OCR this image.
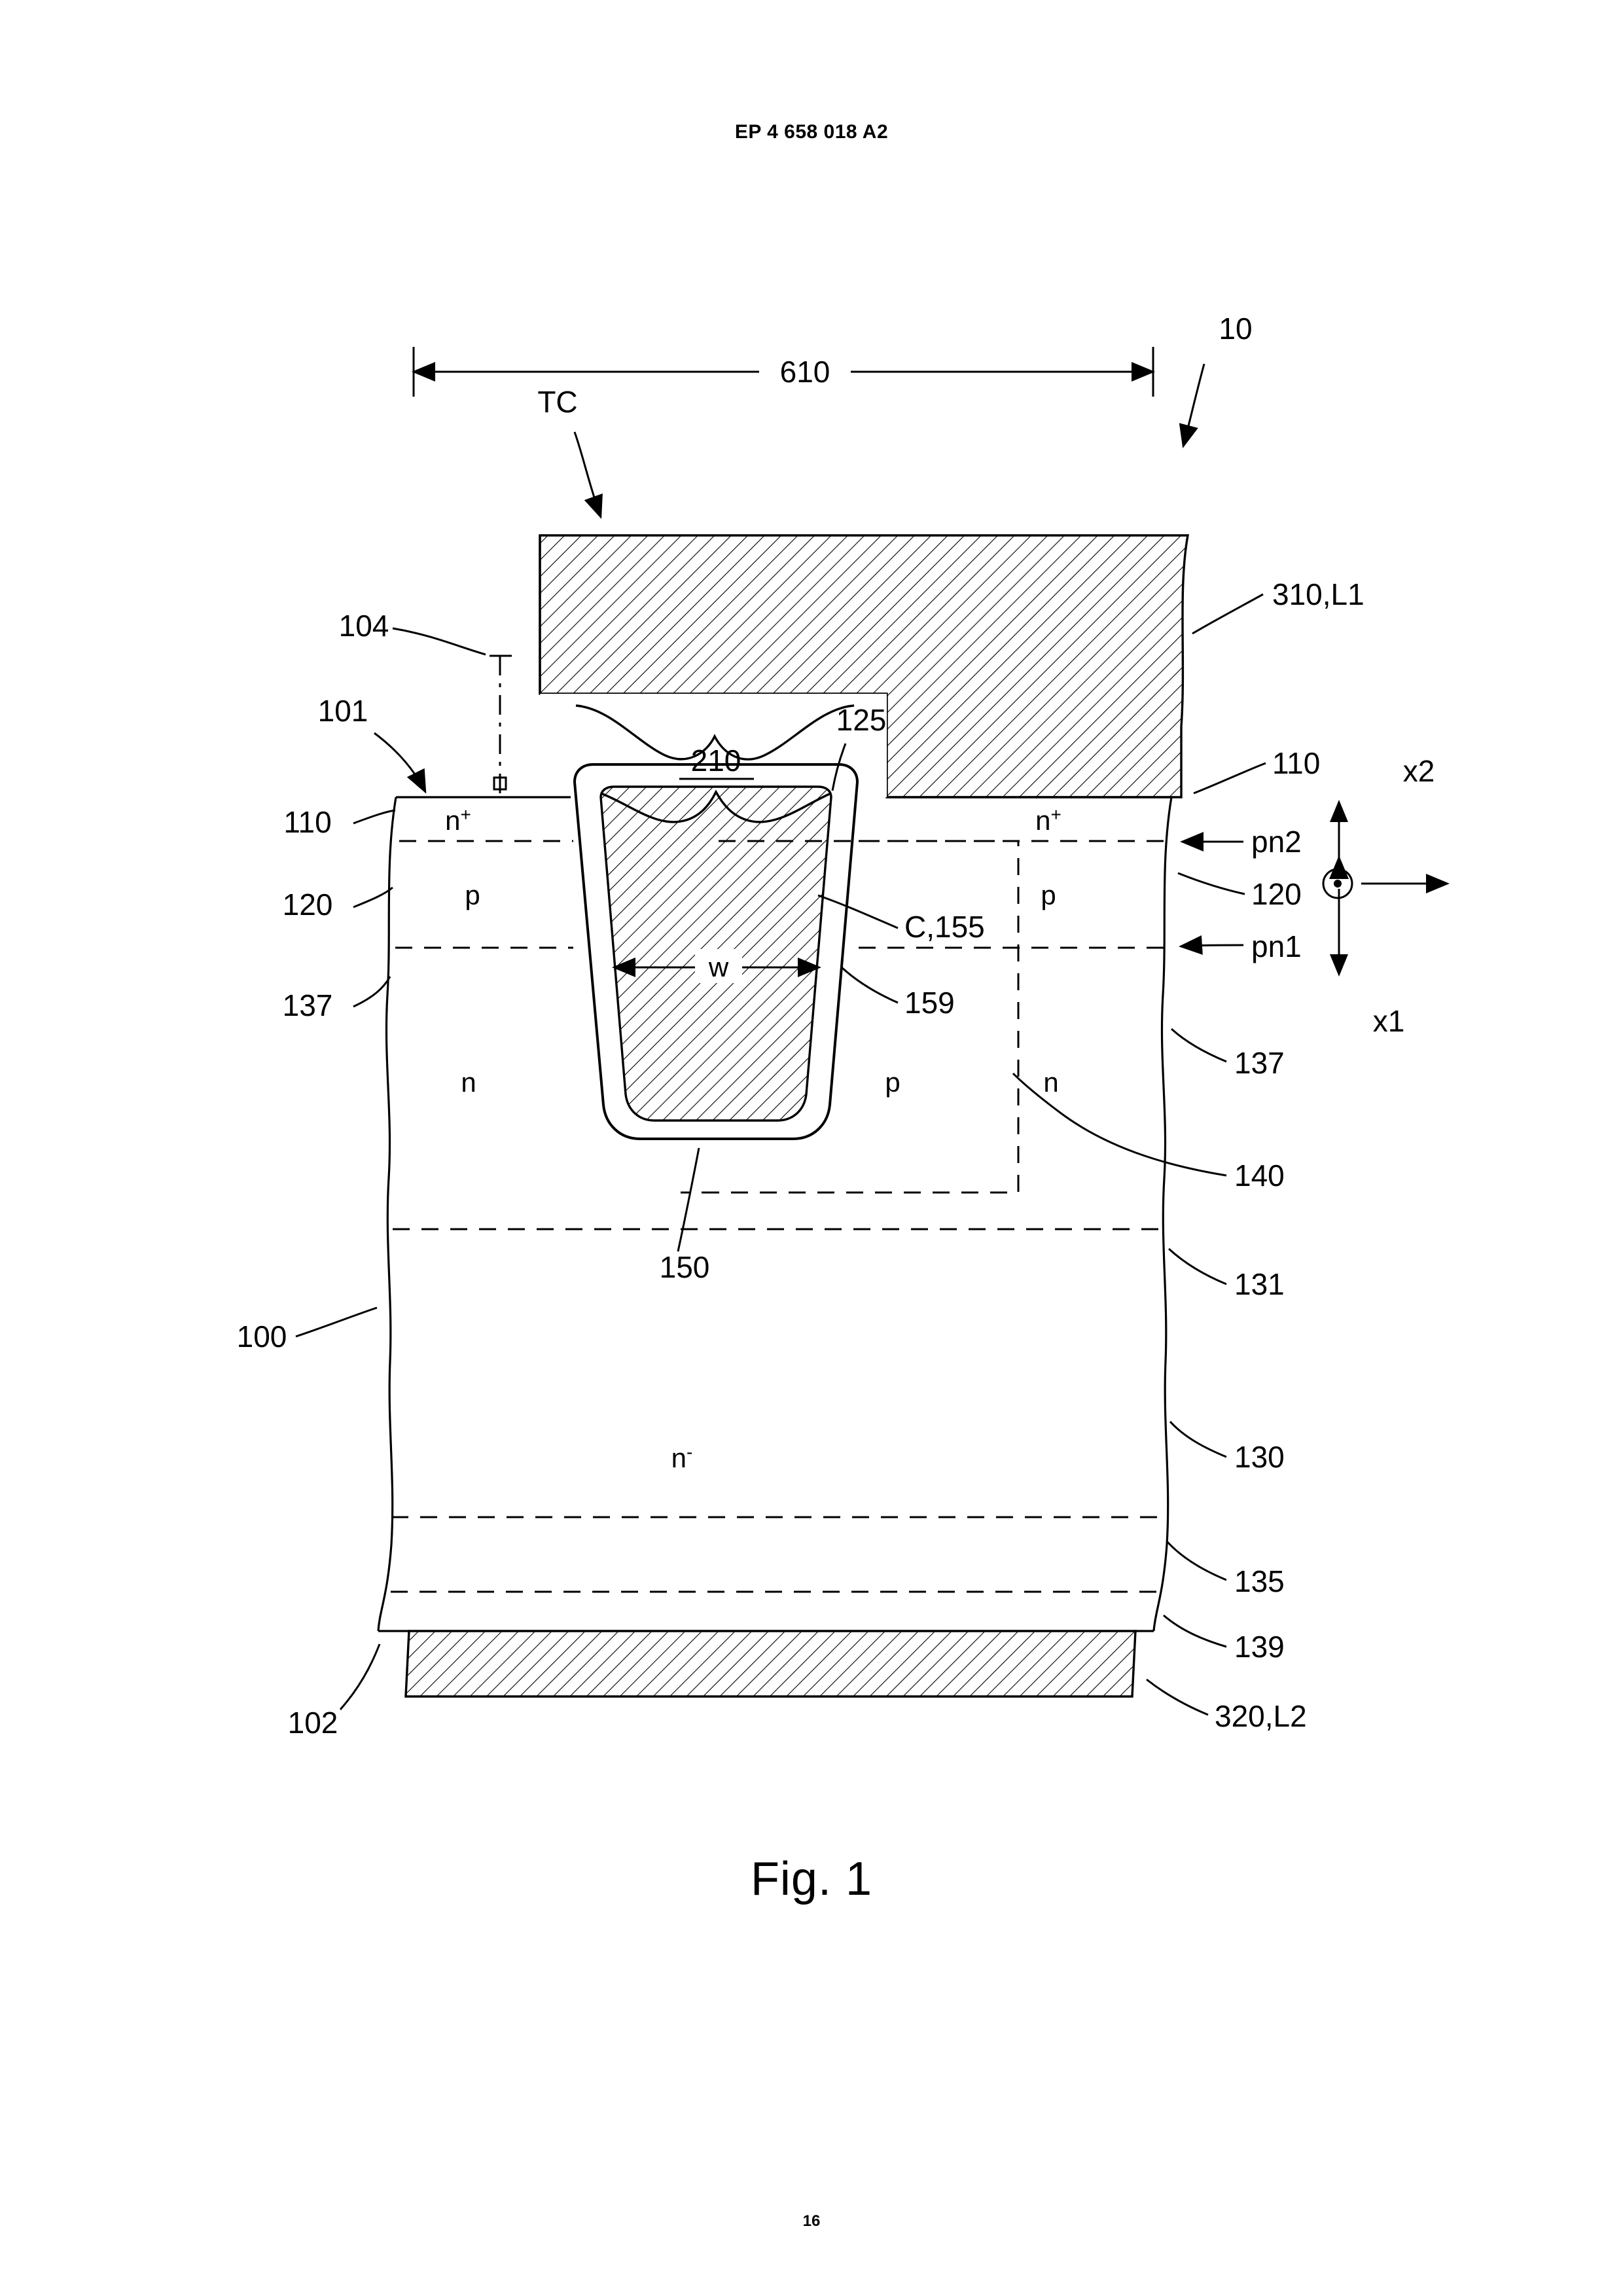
EP 4 658 018 A2
16
Fig. 1
610
w
TC
10
104
101
110
120
137
100
102
310,L1
110
pn2
120
pn1
137
140
131
130
135
139
320,L2
125
210
C,155
159
150
n+	n+
p	p
n	p	n
n-
x2
x1
